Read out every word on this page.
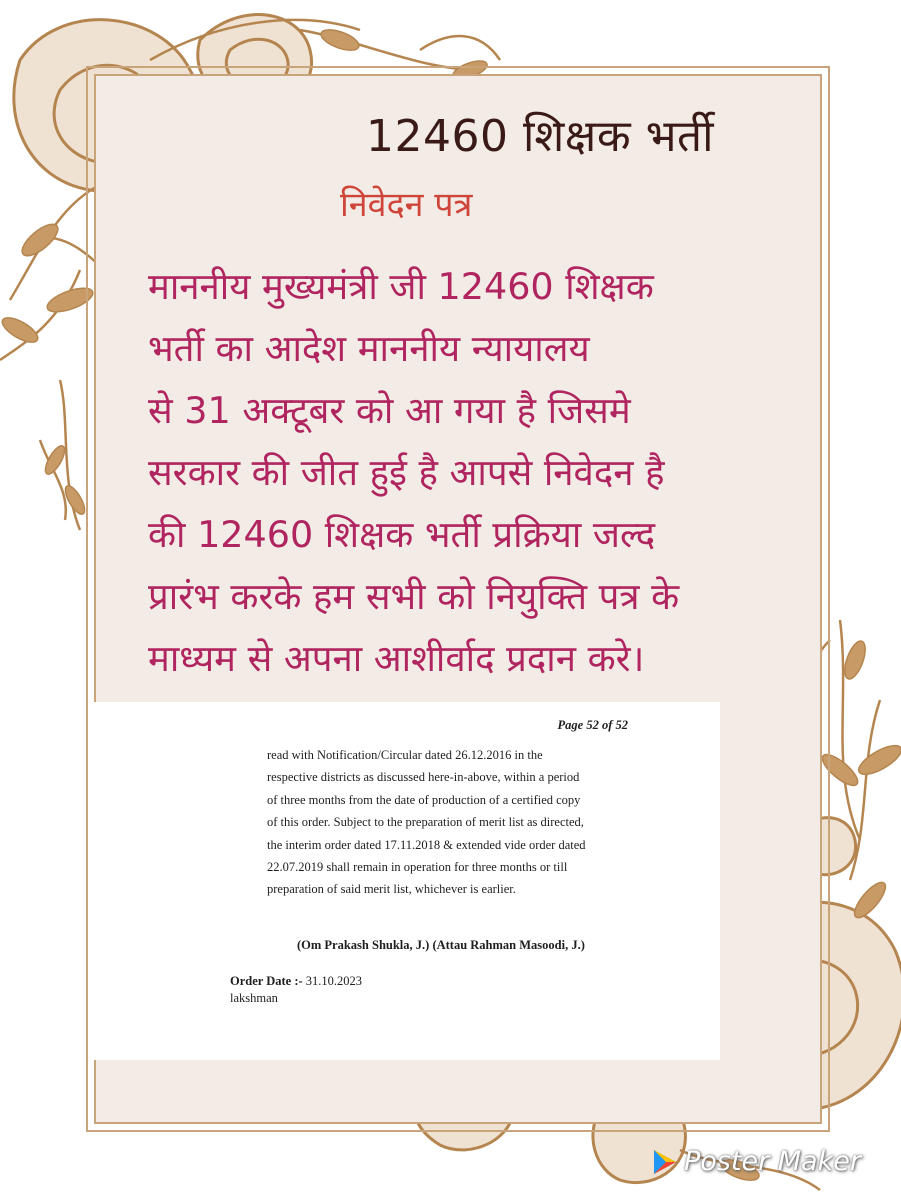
12460 शिक्षक भर्ती
निवेदन पत्र
माननीय मुख्यमंत्री जी 12460 शिक्षक
भर्ती का आदेश माननीय न्यायालय
से 31 अक्टूबर को आ गया है जिसमे
सरकार की जीत हुई है आपसे निवेदन है
की 12460 शिक्षक भर्ती प्रक्रिया जल्द
प्रारंभ करके हम सभी को नियुक्ति पत्र के
माध्यम से अपना आशीर्वाद प्रदान करे।
Page 52 of 52
read with Notification/Circular dated 26.12.2016 in the
respective districts as discussed here-in-above, within a period
of three months from the date of production of a certified copy
of this order. Subject to the preparation of merit list as directed,
the interim order dated 17.11.2018 & extended vide order dated
22.07.2019 shall remain in operation for three months or till
preparation of said merit list, whichever is earlier.
(Om Prakash Shukla, J.) (Attau Rahman Masoodi, J.)
Order Date :- 31.10.2023
lakshman
Poster Maker
